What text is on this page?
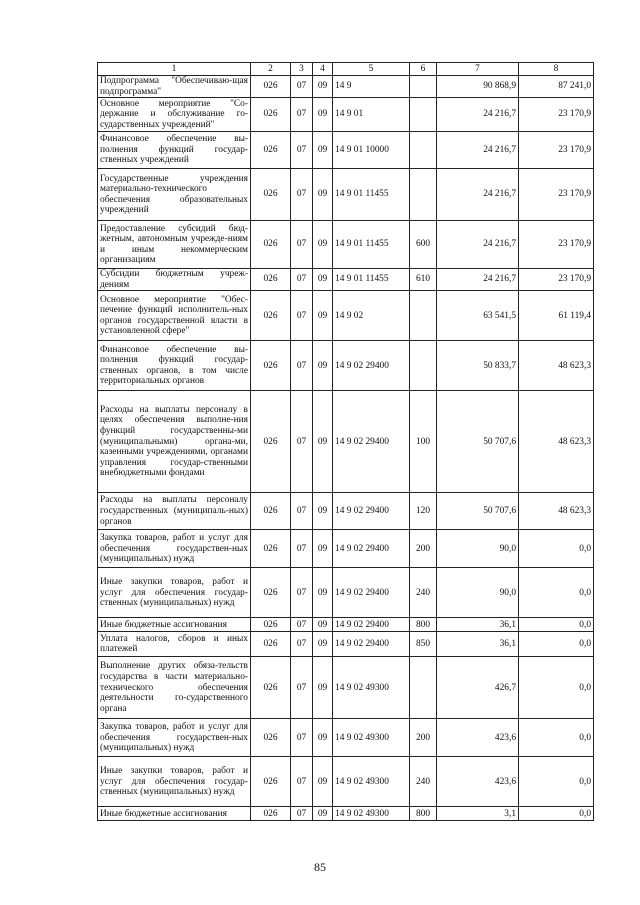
1	2	3	4	5	6	7	8
Подпрограмма "Обеспечиваю-щая подпрограмма"	026	07	09	14 9		90 868,9	87 241,0
Основное мероприятие "Со-держание и обслуживание го-сударственных учреждений"	026	07	09	14 9 01		24 216,7	23 170,9
Финансовое обеспечение вы-полнения функций государ-ственных учреждений	026	07	09	14 9 01 10000		24 216,7	23 170,9
Государственные учреждения материально-технического обеспечения образовательных учреждений	026	07	09	14 9 01 11455		24 216,7	23 170,9
Предоставление субсидий бюд-жетным, автономным учрежде-ниям и иным некоммерческим организациям	026	07	09	14 9 01 11455	600	24 216,7	23 170,9
Субсидии бюджетным учреж-дениям	026	07	09	14 9 01 11455	610	24 216,7	23 170,9
Основное мероприятие "Обес-печение функций исполнитель-ных органов государственной власти в установленной сфере"	026	07	09	14 9 02		63 541,5	61 119,4
Финансовое обеспечение вы-полнения функций государ-ственных органов, в том числе территориальных органов	026	07	09	14 9 02 29400		50 833,7	48 623,3
Расходы на выплаты персоналу в целях обеспечения выполне-ния функций государственны-ми (муниципальными) органа-ми, казенными учреждениями, органами управления государ-ственными внебюджетными фондами	026	07	09	14 9 02 29400	100	50 707,6	48 623,3
Расходы на выплаты персоналу государственных (муниципаль-ных) органов	026	07	09	14 9 02 29400	120	50 707,6	48 623,3
Закупка товаров, работ и услуг для обеспечения государствен-ных (муниципальных) нужд	026	07	09	14 9 02 29400	200	90,0	0,0
Иные закупки товаров, работ и услуг для обеспечения государ-ственных (муниципальных) нужд	026	07	09	14 9 02 29400	240	90,0	0,0
Иные бюджетные ассигнования	026	07	09	14 9 02 29400	800	36,1	0,0
Уплата налогов, сборов и иных платежей	026	07	09	14 9 02 29400	850	36,1	0,0
Выполнение других обяза-тельств государства в части материально-технического обеспечения деятельности го-сударственного органа	026	07	09	14 9 02 49300		426,7	0,0
Закупка товаров, работ и услуг для обеспечения государствен-ных (муниципальных) нужд	026	07	09	14 9 02 49300	200	423,6	0,0
Иные закупки товаров, работ и услуг для обеспечения государ-ственных (муниципальных) нужд	026	07	09	14 9 02 49300	240	423,6	0,0
Иные бюджетные ассигнования	026	07	09	14 9 02 49300	800	3,1	0,0
85
